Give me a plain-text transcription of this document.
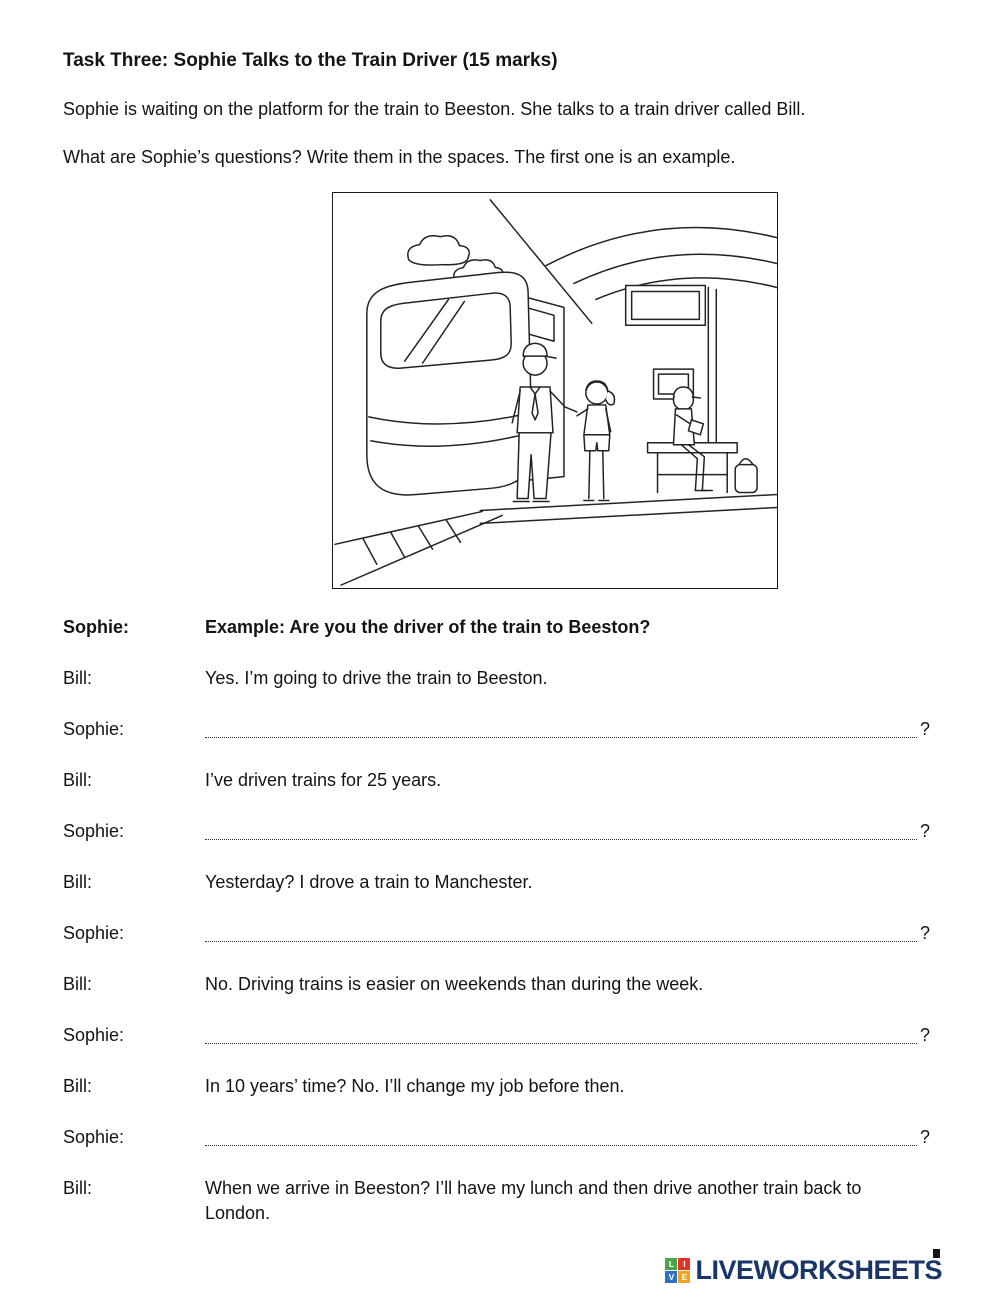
Task Three: Sophie Talks to the Train Driver (15 marks)

Sophie is waiting on the platform for the train to Beeston. She talks to a train driver called Bill.

What are Sophie’s questions? Write them in the spaces. The first one is an example.

Sophie:	Example: Are you the driver of the train to Beeston?
Bill:	Yes. I’m going to drive the train to Beeston.
Sophie:	?
Bill:	I’ve driven trains for 25 years.
Sophie:	?
Bill:	Yesterday? I drove a train to Manchester.
Sophie:	?
Bill:	No. Driving trains is easier on weekends than during the week.
Sophie:	?
Bill:	In 10 years’ time? No. I’ll change my job before then.
Sophie:	?
Bill:	When we arrive in Beeston? I’ll have my lunch and then drive another train back to London.
L	I
V E LIVEWORKSHEETS
